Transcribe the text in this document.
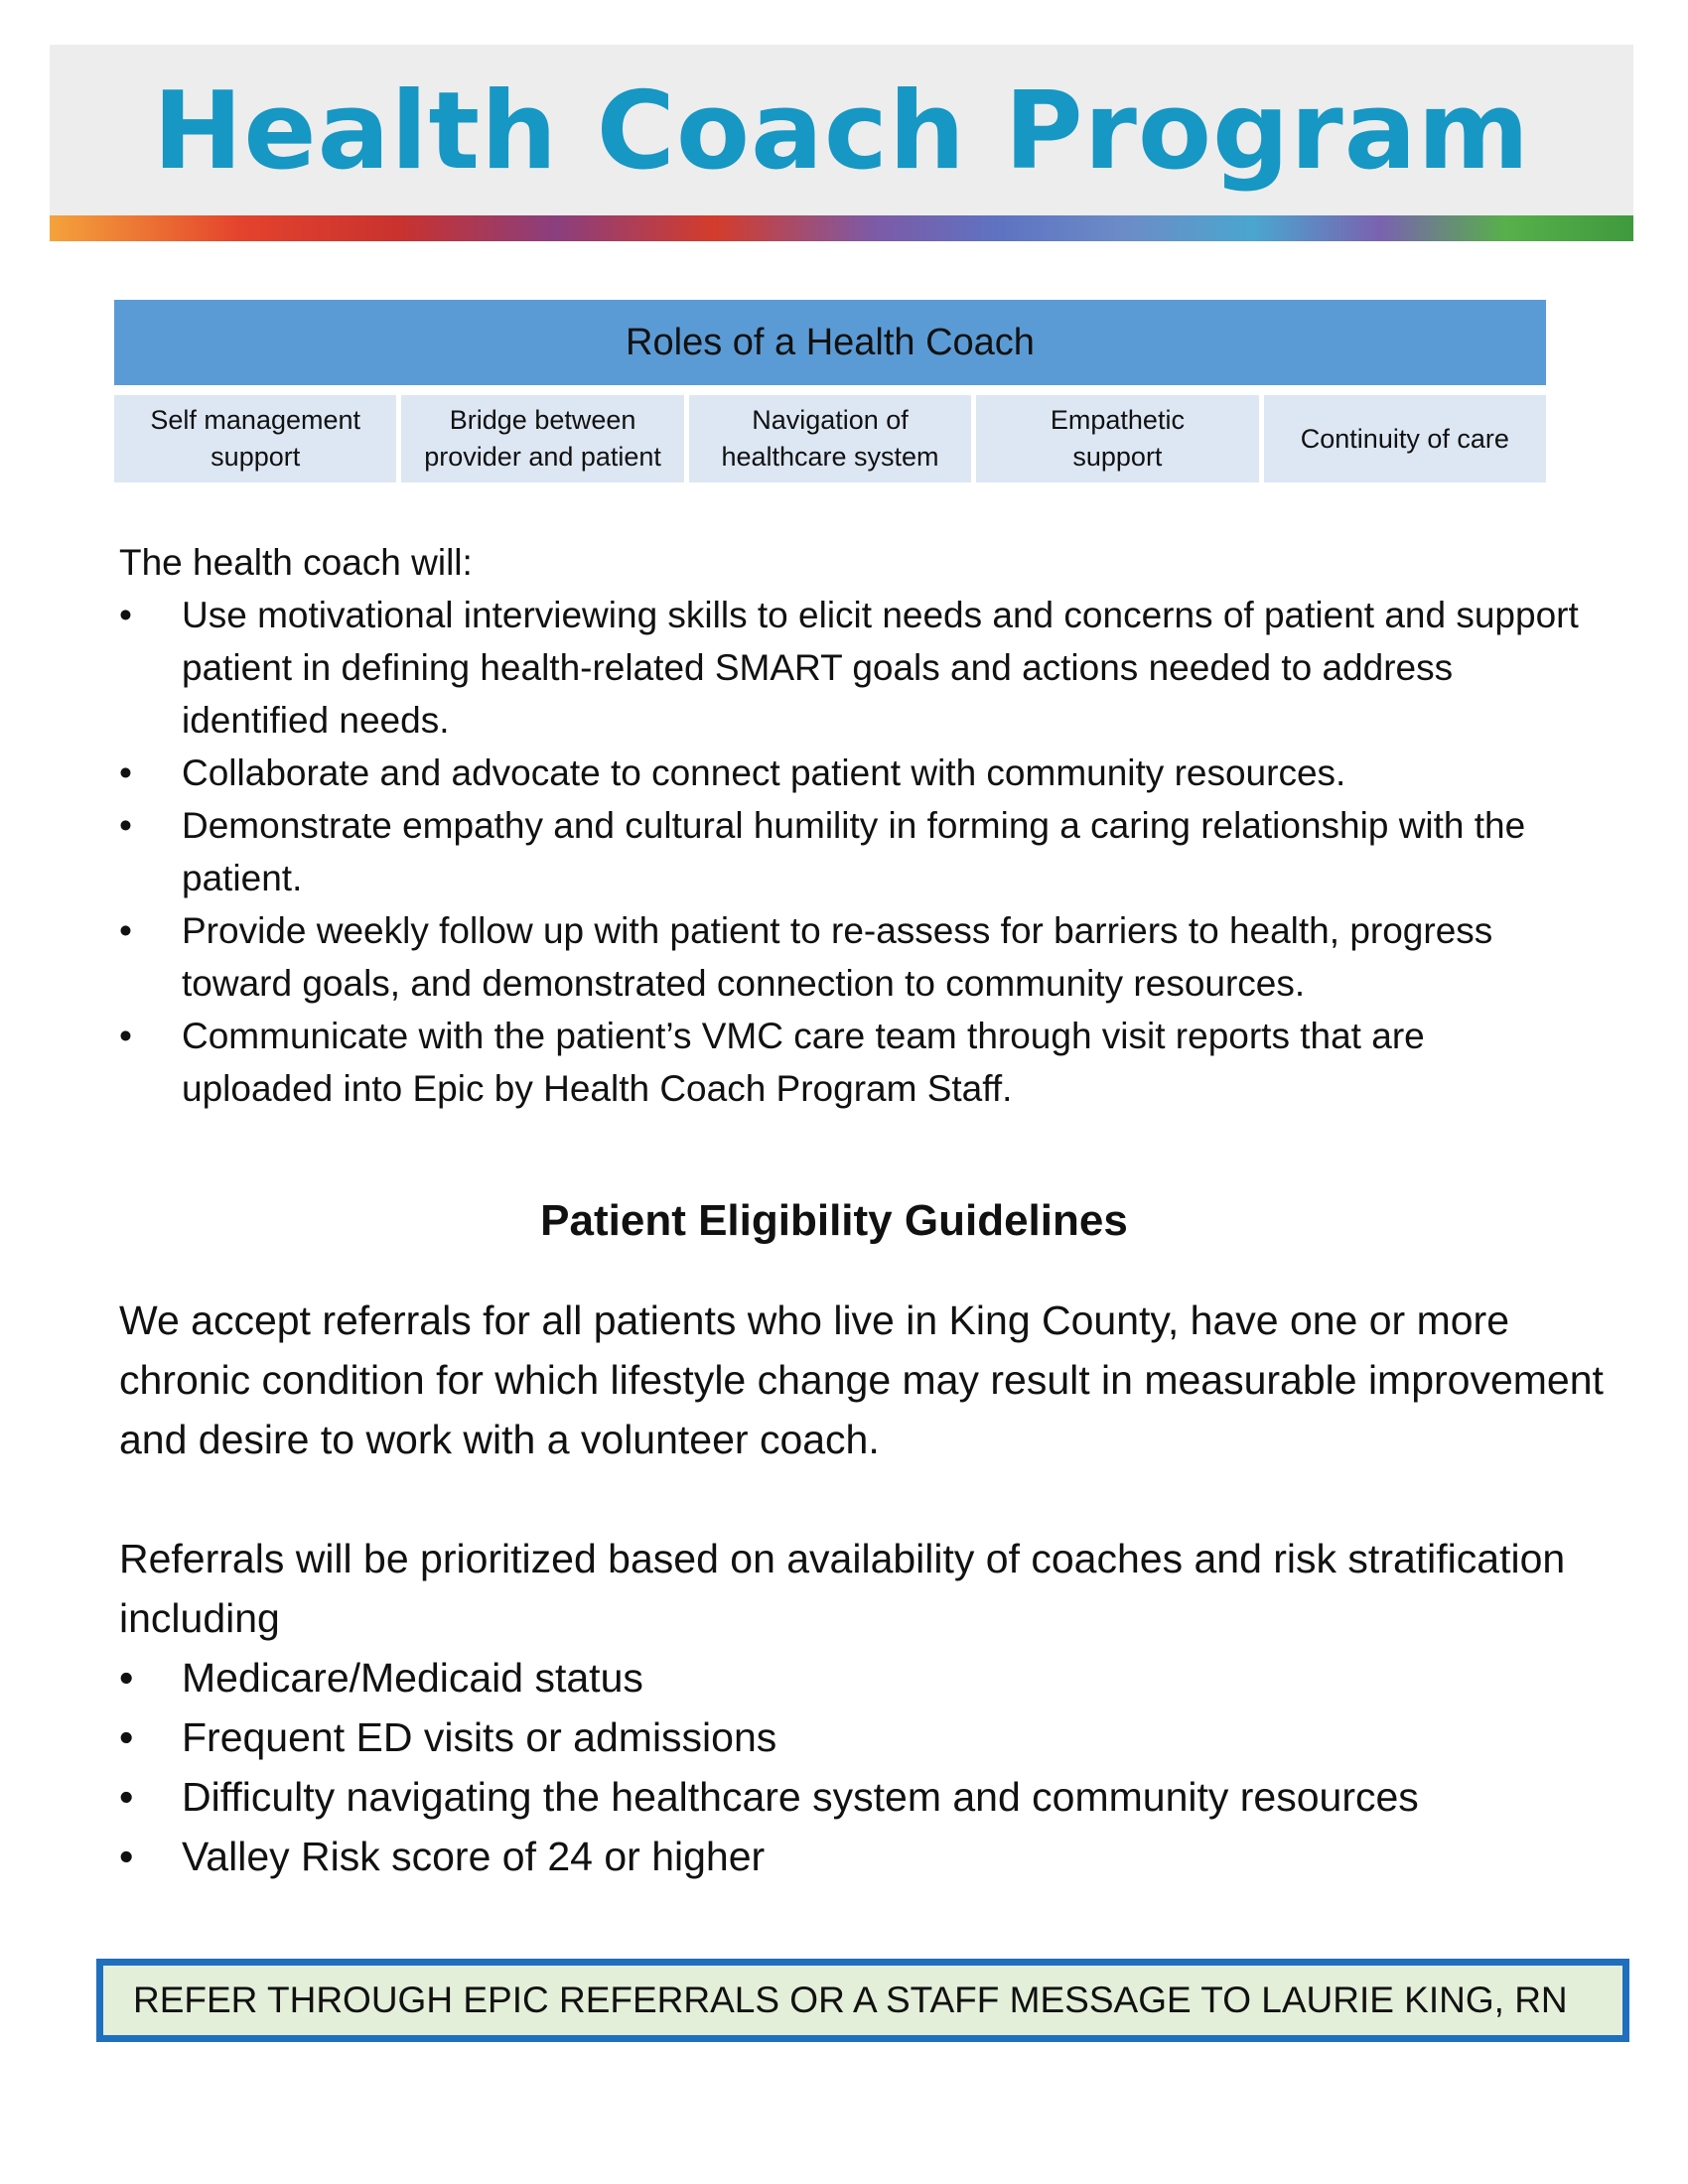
Health Coach Program
Roles of a Health Coach
Self management
support
Bridge between
provider and patient
Navigation of
healthcare system
Empathetic
support
Continuity of care

The health coach will:

• Use motivational interviewing skills to elicit needs and concerns of patient and support patient in defining health-related SMART goals and actions needed to address identified needs.
• Collaborate and advocate to connect patient with community resources.
• Demonstrate empathy and cultural humility in forming a caring relationship with the patient.
• Provide weekly follow up with patient to re-assess for barriers to health, progress toward goals, and demonstrated connection to community resources.
• Communicate with the patient’s VMC care team through visit reports that are uploaded into Epic by Health Coach Program Staff.
Patient Eligibility Guidelines

We accept referrals for all patients who live in King County, have one or more chronic condition for which lifestyle change may result in measurable improvement and desire to work with a volunteer coach.

Referrals will be prioritized based on availability of coaches and risk stratification including

• Medicare/Medicaid status
• Frequent ED visits or admissions
• Difficulty navigating the healthcare system and community resources
• Valley Risk score of 24 or higher
REFER THROUGH EPIC REFERRALS OR A STAFF MESSAGE TO LAURIE KING, RN
